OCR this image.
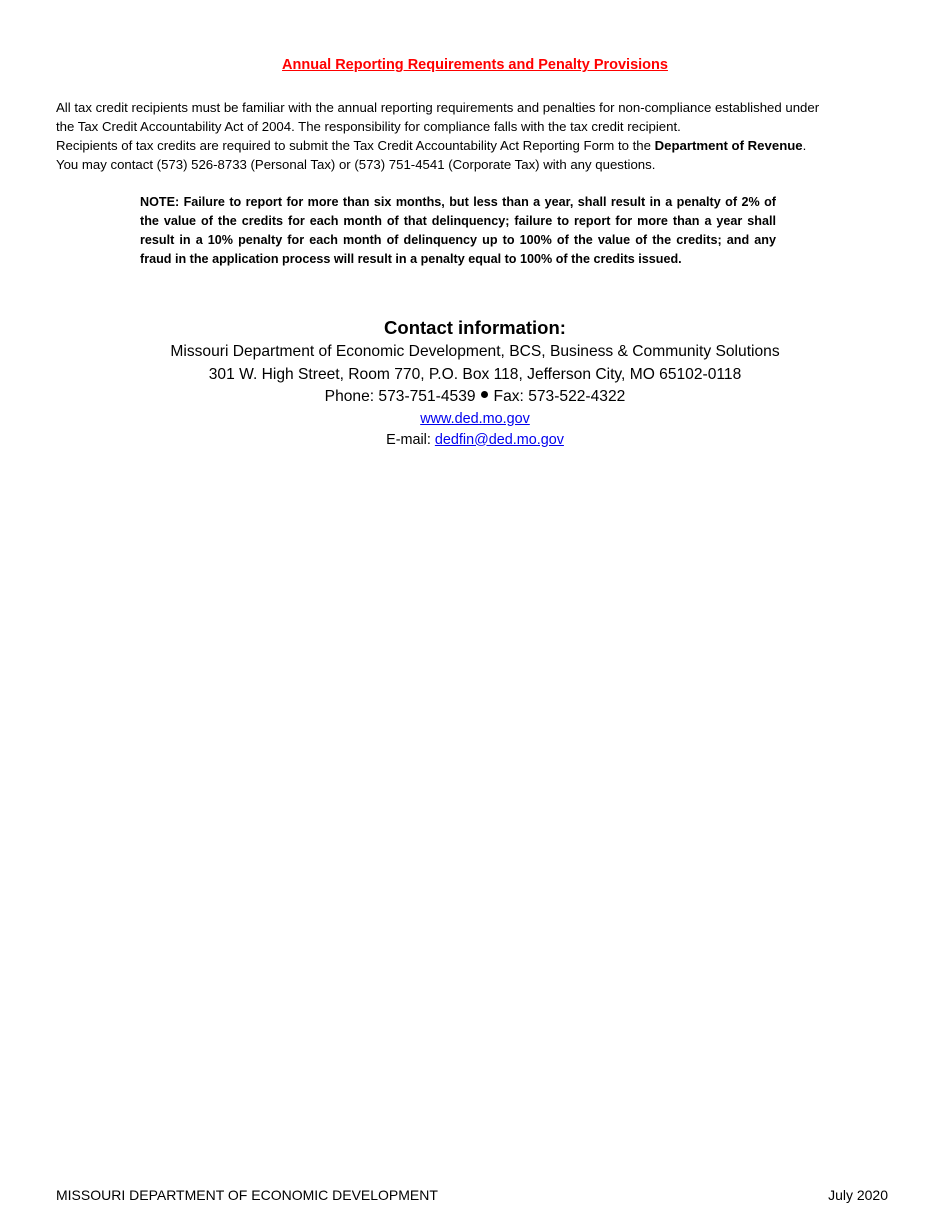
Annual Reporting Requirements and Penalty Provisions

All tax credit recipients must be familiar with the annual reporting requirements and penalties for non-compliance established under

the Tax Credit Accountability Act of 2004. The responsibility for compliance falls with the tax credit recipient.

Recipients of tax credits are required to submit the Tax Credit Accountability Act Reporting Form to the Department of Revenue.

You may contact (573) 526-8733 (Personal Tax) or (573) 751-4541 (Corporate Tax) with any questions.

NOTE: Failure to report for more than six months, but less than a year, shall result in a penalty of 2% of the value of the credits for each month of that delinquency; failure to report for more than a year shall result in a 10% penalty for each month of delinquency up to 100% of the value of the credits; and any fraud in the application process will result in a penalty equal to 100% of the credits issued.

Contact information:

Missouri Department of Economic Development, BCS, Business & Community Solutions

301 W. High Street, Room 770, P.O. Box 118, Jefferson City, MO 65102-0118

Phone: 573-751-4539 Fax: 573-522-4322

www.ded.mo.gov

E-mail: dedfin@ded.mo.gov

MISSOURI DEPARTMENT OF ECONOMIC DEVELOPMENT	July 2020
